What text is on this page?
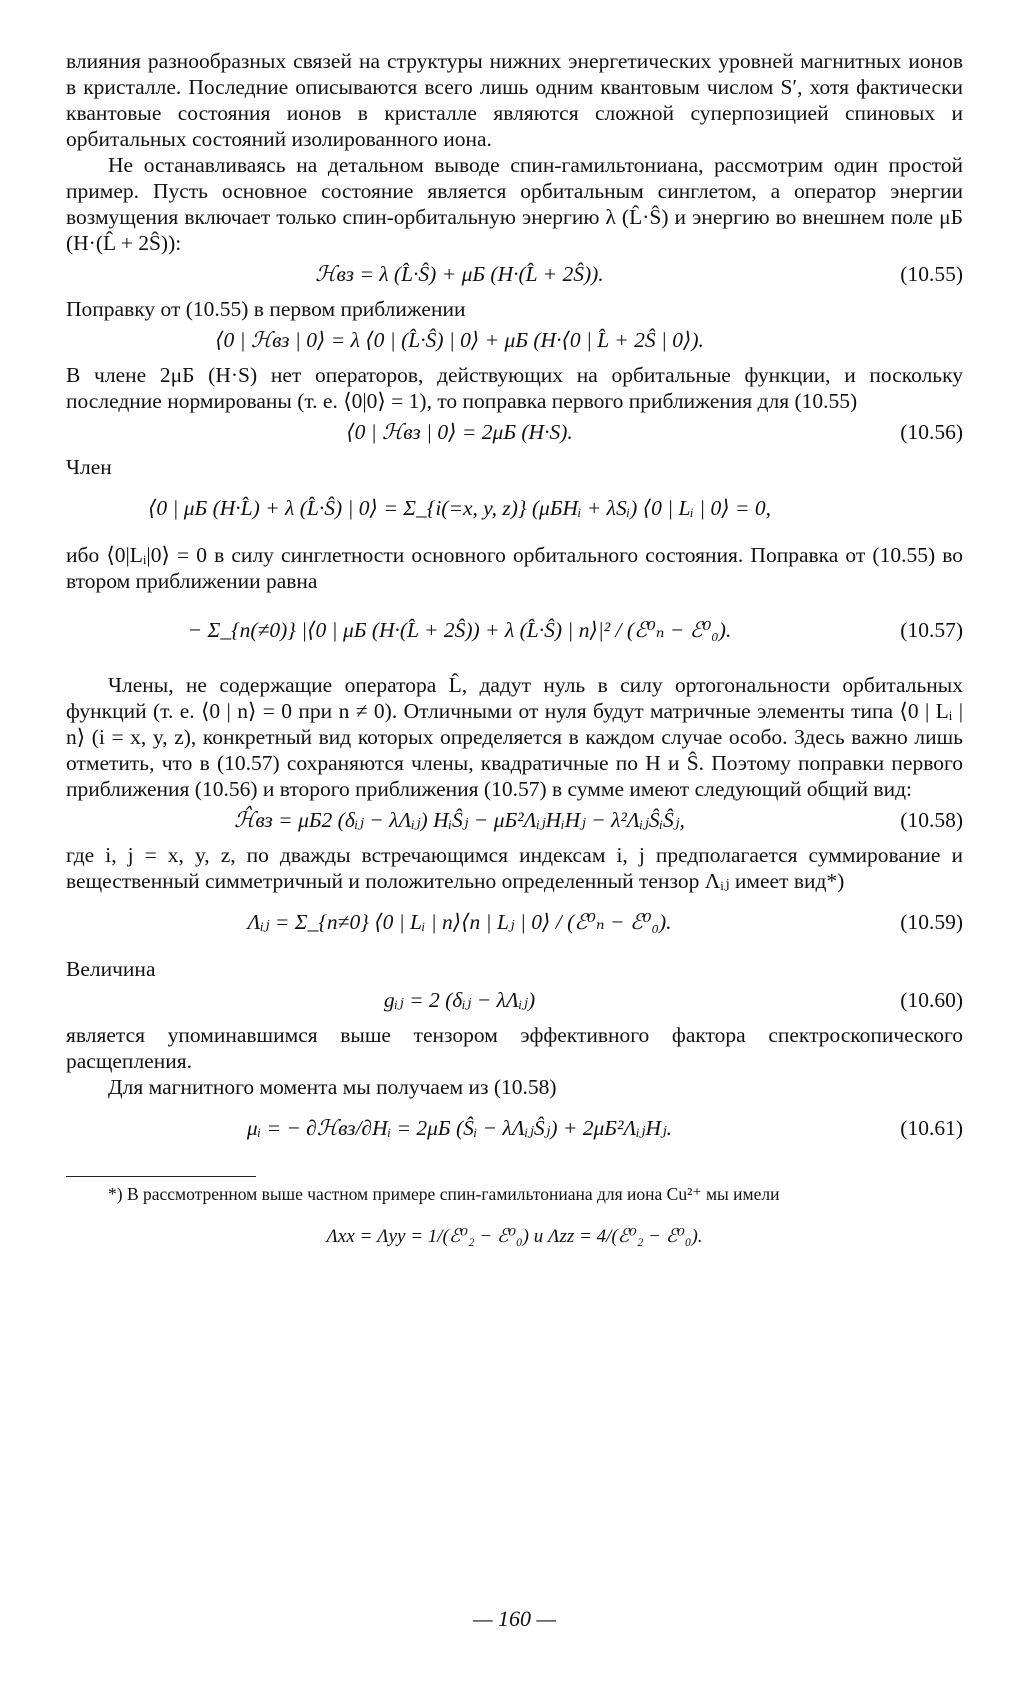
влияния разнообразных связей на структуры нижних энергетических уровней магнитных ионов в кристалле. Последние описываются всего лишь одним квантовым числом S′, хотя фактически квантовые состояния ионов в кристалле являются сложной суперпозицией спиновых и орбитальных состояний изолированного иона.

Не останавливаясь на детальном выводе спин-гамильтониана, рассмотрим один простой пример. Пусть основное состояние является орбитальным синглетом, а оператор энергии возмущения включает только спин-орбитальную энергию λ (L̂·Ŝ) и энергию во внешнем поле μБ (H·(L̂ + 2Ŝ)):

ℋвз = λ (L̂·Ŝ) + μБ (H·(L̂ + 2Ŝ)).	(10.55)

Поправку от (10.55) в первом приближении

⟨0 | ℋвз | 0⟩ = λ ⟨0 | (L̂·Ŝ) | 0⟩ + μБ (H·⟨0 | L̂ + 2Ŝ | 0⟩).

В члене 2μБ (H·S) нет операторов, действующих на орбитальные функции, и поскольку последние нормированы (т. е. ⟨0|0⟩ = 1), то поправка первого приближения для (10.55)

⟨0 | ℋвз | 0⟩ = 2μБ (H·S).	(10.56)

Член

⟨0 | μБ (H·L̂) + λ (L̂·Ŝ) | 0⟩ = Σ_{i(=x, y, z)} (μБHᵢ + λSᵢ) ⟨0 | Lᵢ | 0⟩ = 0,

ибо ⟨0|Lᵢ|0⟩ = 0 в силу синглетности основного орбитального состояния. Поправка от (10.55) во втором приближении равна

− Σ_{n(≠0)} |⟨0 | μБ (H·(L̂ + 2Ŝ)) + λ (L̂·Ŝ) | n⟩|² / (ℰ⁰ₙ − ℰ⁰₀).	(10.57)

Члены, не содержащие оператора L̂, дадут нуль в силу ортогональности орбитальных функций (т. е. ⟨0 | n⟩ = 0 при n ≠ 0). Отличными от нуля будут матричные элементы типа ⟨0 | Lᵢ | n⟩ (i = x, y, z), конкретный вид которых определяется в каждом случае особо. Здесь важно лишь отметить, что в (10.57) сохраняются члены, квадратичные по H и Ŝ. Поэтому поправки первого приближения (10.56) и второго приближения (10.57) в сумме имеют следующий общий вид:

ℋ̂вз = μБ2 (δᵢⱼ − λΛᵢⱼ) HᵢŜⱼ − μБ²ΛᵢⱼHᵢHⱼ − λ²ΛᵢⱼŜᵢŜⱼ,	(10.58)

где i, j = x, y, z, по дважды встречающимся индексам i, j предполагается суммирование и вещественный симметричный и положительно определенный тензор Λᵢⱼ имеет вид*)

Λᵢⱼ = Σ_{n≠0} ⟨0 | Lᵢ | n⟩⟨n | Lⱼ | 0⟩ / (ℰ⁰ₙ − ℰ⁰₀).	(10.59)

Величина

gᵢⱼ = 2 (δᵢⱼ − λΛᵢⱼ)	(10.60)

является упоминавшимся выше тензором эффективного фактора спектроскопического расщепления.

Для магнитного момента мы получаем из (10.58)

μᵢ = − ∂ℋвз/∂Hᵢ = 2μБ (Ŝᵢ − λΛᵢⱼŜⱼ) + 2μБ²ΛᵢⱼHⱼ.	(10.61)

*) В рассмотренном выше частном примере спин-гамильтониана для иона Cu²⁺ мы имели

Λxx = Λyy = 1/(ℰ⁰₂ − ℰ⁰₀) и Λzz = 4/(ℰ⁰₂ − ℰ⁰₀).
— 160 —
